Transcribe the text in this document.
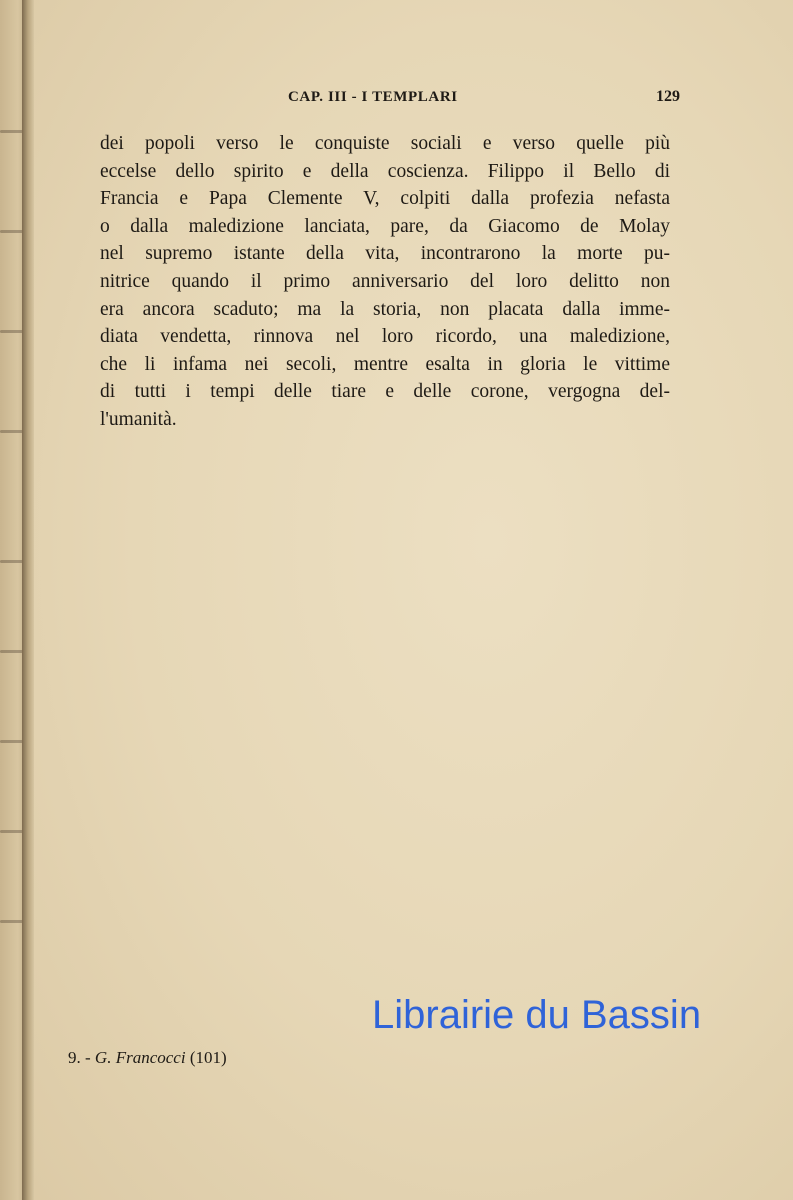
CAP. III - I TEMPLARI	129
dei popoli verso le conquiste sociali e verso quelle più
eccelse dello spirito e della coscienza. Filippo il Bello di
Francia e Papa Clemente V, colpiti dalla profezia nefasta
o dalla maledizione lanciata, pare, da Giacomo de Molay
nel supremo istante della vita, incontrarono la morte pu-
nitrice quando il primo anniversario del loro delitto non
era ancora scaduto; ma la storia, non placata dalla imme-
diata vendetta, rinnova nel loro ricordo, una maledizione,
che li infama nei secoli, mentre esalta in gloria le vittime
di tutti i tempi delle tiare e delle corone, vergogna del-
l'umanità.
Librairie du Bassin
9. - G. Francocci (101)
